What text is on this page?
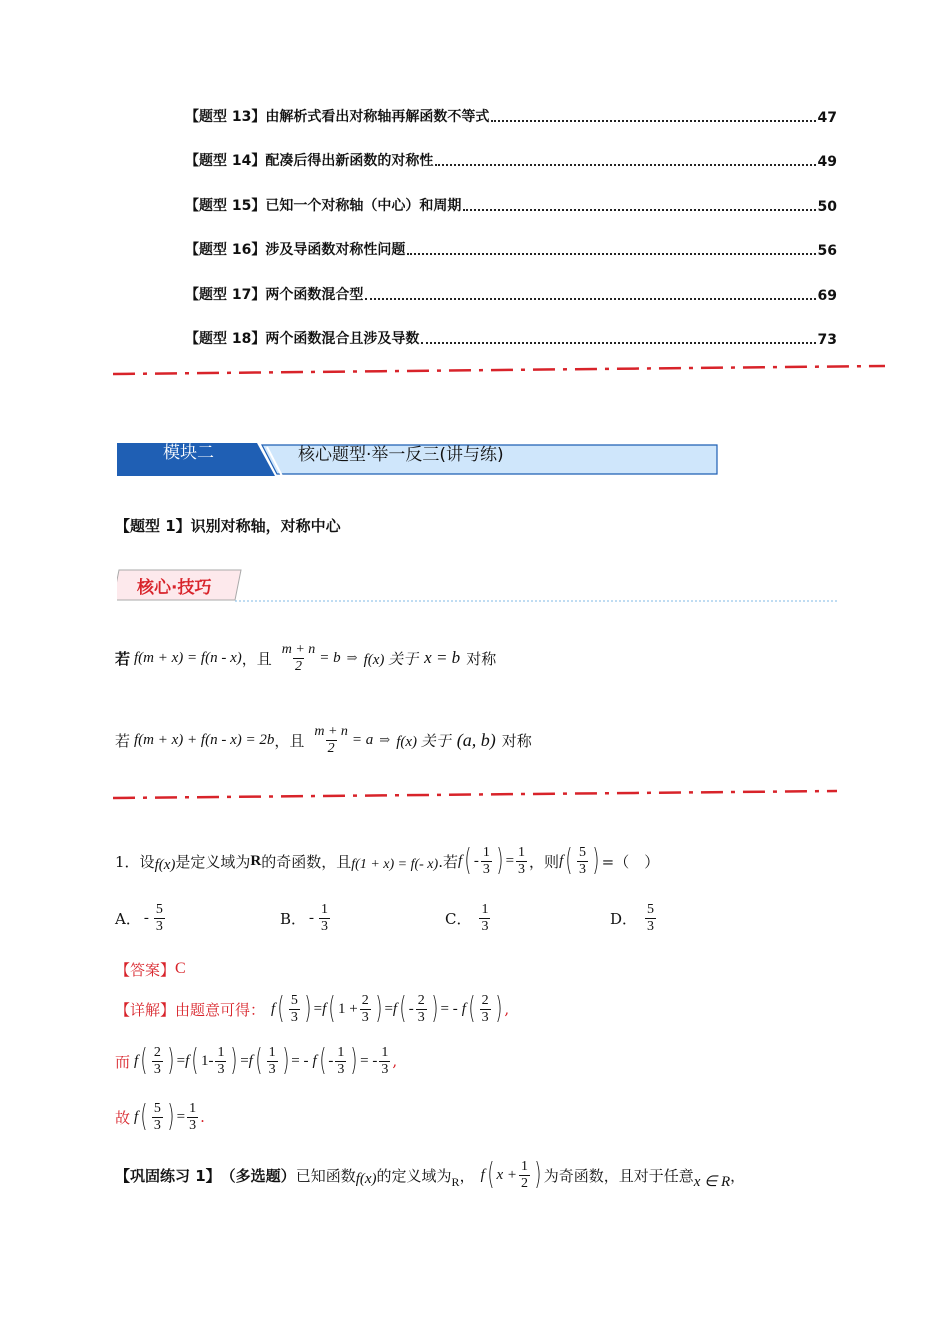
【题型 13】由解析式看出对称轴再解函数不等式	47
【题型 14】配凑后得出新函数的对称性	49
【题型 15】已知一个对称轴（中心）和周期	50
【题型 16】涉及导函数对称性问题	56
【题型 17】两个函数混合型	69
【题型 18】两个函数混合且涉及导数	73
模块二	核心题型·举一反三(讲与练)
【题型 1】识别对称轴，对称中心
核心·技巧
若 f(m + x) = f(n - x) ，且 $\frac{m + n}{2} = b$ ⇒ f(x) 关于 x = b 对称
若 f(m + x) + f(n - x) = 2b ，且 $\frac{m + n}{2} = a$ ⇒ f(x) 关于 (a, b) 对称
1． 设 f(x) 是定义域为 R 的奇函数，且 f(1 + x) = f(- x) .若 f ( - $\frac{1}{3}$ ) = $\frac{1}{3}$ ，则 f ( $\frac{5}{3}$ ) =（　）
A． - $\frac{5}{3}$	B． - $\frac{1}{3}$	C． $\frac{1}{3}$	D． $\frac{5}{3}$
【答案】 C
【详解】 由题意可得： f ( $\frac{5}{3}$ ) = f ( $1 + \frac{2}{3}$ ) = f ( - $\frac{2}{3}$ ) = - f ( $\frac{2}{3}$ ) ,
而 f ( $\frac{2}{3}$ ) = f ( $1- \frac{1}{3}$ ) = f ( $\frac{1}{3}$ ) = - f ( - $\frac{1}{3}$ ) = - $\frac{1}{3}$ ,
故 f ( $\frac{5}{3}$ ) = $\frac{1}{3}$ .
【巩固练习 1】 （多选题） 已知函数 f(x) 的定义域为 R ， f ( $x + \frac{1}{2}$ ) 为奇函数，且对于任意 x ∈ R ，
